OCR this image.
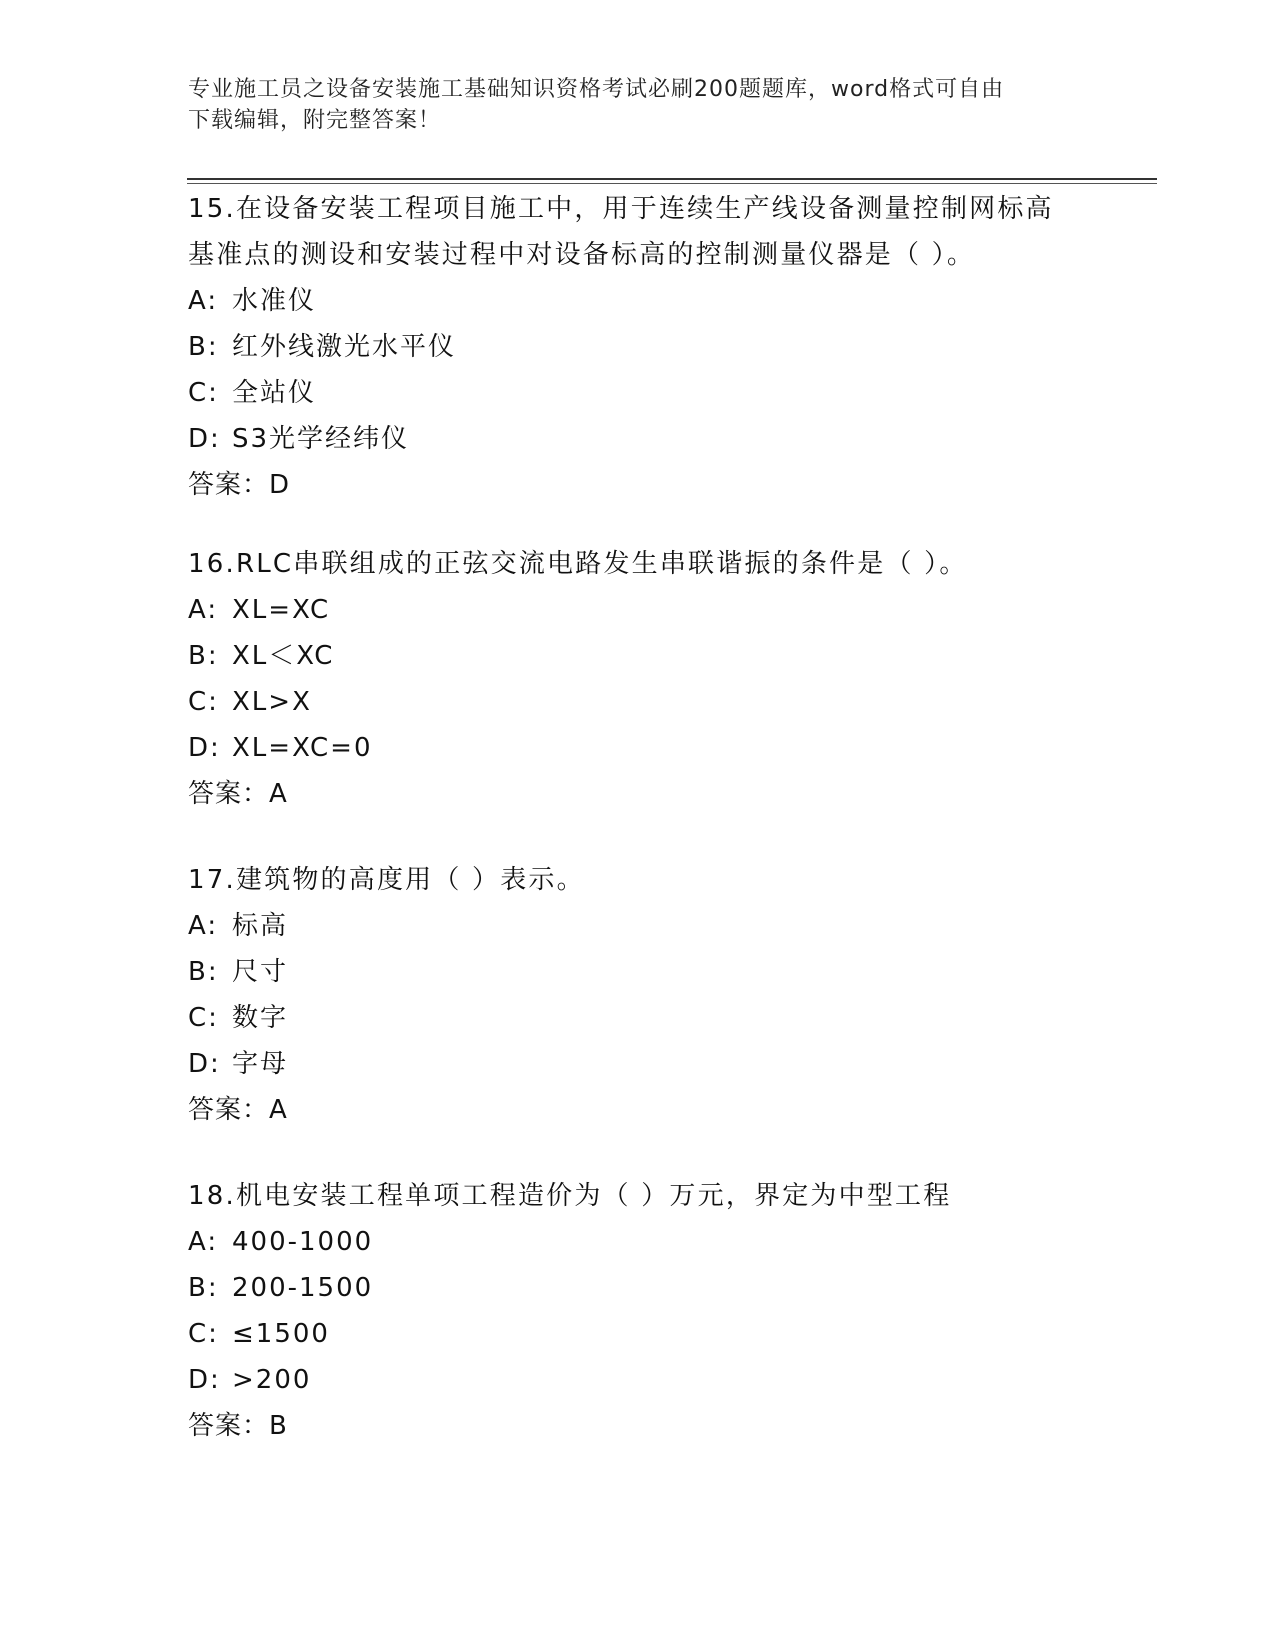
专业施工员之设备安装施工基础知识资格考试必刷200题题库，word格式可自由
下载编辑，附完整答案！
15.在设备安装工程项目施工中，用于连续生产线设备测量控制网标高
基准点的测设和安装过程中对设备标高的控制测量仪器是（ ）。
A: 水准仪
B: 红外线激光水平仪
C: 全站仪
D: S3光学经纬仪
答案：D
16.RLC串联组成的正弦交流电路发生串联谐振的条件是（ ）。
A: XL=XC
B: XL＜XC
C: XL>X
D: XL=XC=0
答案：A
17.建筑物的高度用（ ）表示。
A: 标高
B: 尺寸
C: 数字
D: 字母
答案：A
18.机电安装工程单项工程造价为（ ）万元，界定为中型工程
A: 400-1000
B: 200-1500
C: ≤1500
D: >200
答案：B
